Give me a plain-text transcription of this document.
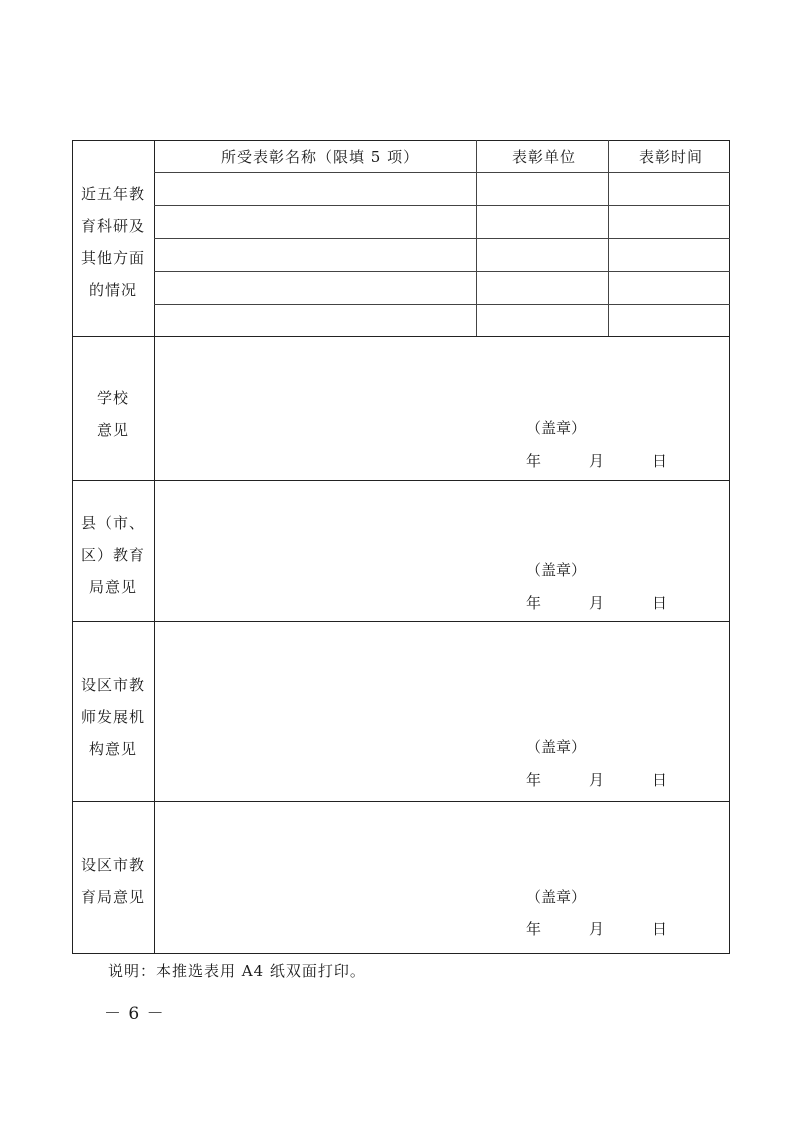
近五年教
育科研及
其他方面
的情况
所受表彰名称（限填 5 项）	表彰单位	表彰时间
学校
意见	（盖章）
年	月	日
县（市、
区）教育
局意见
（盖章）
年	月	日
设区市教
师发展机
构意见	（盖章）
年	月	日
设区市教
育局意见	（盖章）
年	月	日
说明：本推选表用 A4 纸双面打印。
－ 6 －
